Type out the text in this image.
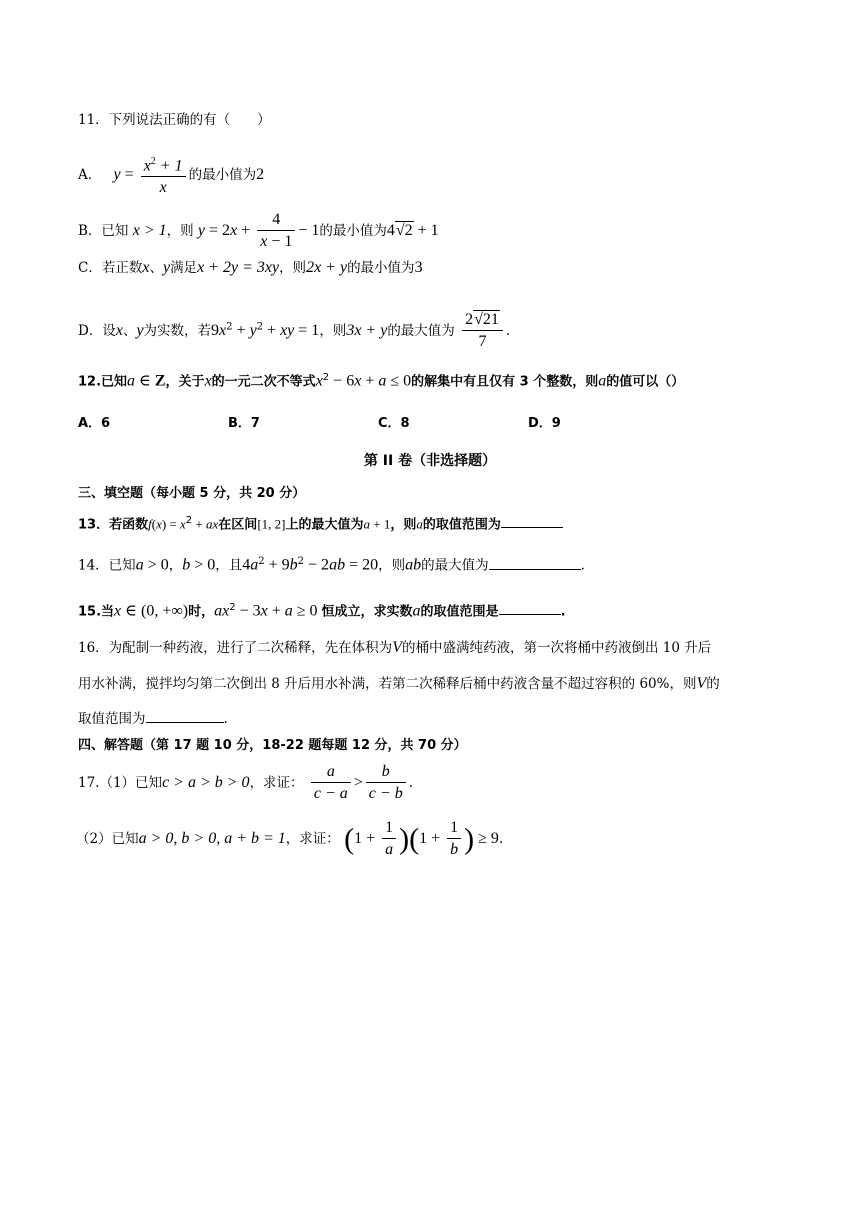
11．下列说法正确的有（　　）
A． $y = \frac{x^2 + 1}{x}$ 的最小值为2
B．已知 x > 1，则 $y = 2x + \frac{4}{x - 1} - 1$的最小值为4√2 + 1
C．若正数x、y满足x + 2y = 3xy，则2x + y的最小值为3
D．设x、y为实数，若$9x^2 + y^2$ + xy = 1，则3x + y的最大值为 $\frac{2√21}{7}$ .
12.已知a ∈ Z，关于x的一元二次不等式$x^2 - 6x + a \le 0$的解集中有且仅有 3 个整数，则a的值可以（）
A．6	B．7	C．8	D．9
第 II 卷（非选择题）
三、填空题（每小题 5 分，共 20 分）
13．若函数$f(x) = x^2$ + ax在区间[1, 2]上的最大值为a + 1，则a的取值范围为
14．已知a > 0，b > 0，且$4a^2 + 9b^2 - 2ab = 20$，则ab的最大值为	.
15.当x ∈ (0, +∞)时，$ax^2 - 3x + a \ge 0$ 恒成立，求实数a的取值范围是	.
16．为配制一种药液，进行了二次稀释，先在体积为V的桶中盛满纯药液，第一次将桶中药液倒出 10 升后
用水补满，搅拌均匀第二次倒出 8 升后用水补满，若第二次稀释后桶中药液含量不超过容积的 60%，则V的
取值范围为	.
四、解答题（第 17 题 10 分，18-22 题每题 12 分，共 70 分）
17.（1）已知c > a > b > 0，求证： $\frac{a}{c - a} > \frac{b}{c - b}$ .
（2）已知a > 0, b > 0, a + b = 1，求证： $(1 + \frac{1}{a} )(1 + \frac{1}{b}$ ) ≥ 9.
